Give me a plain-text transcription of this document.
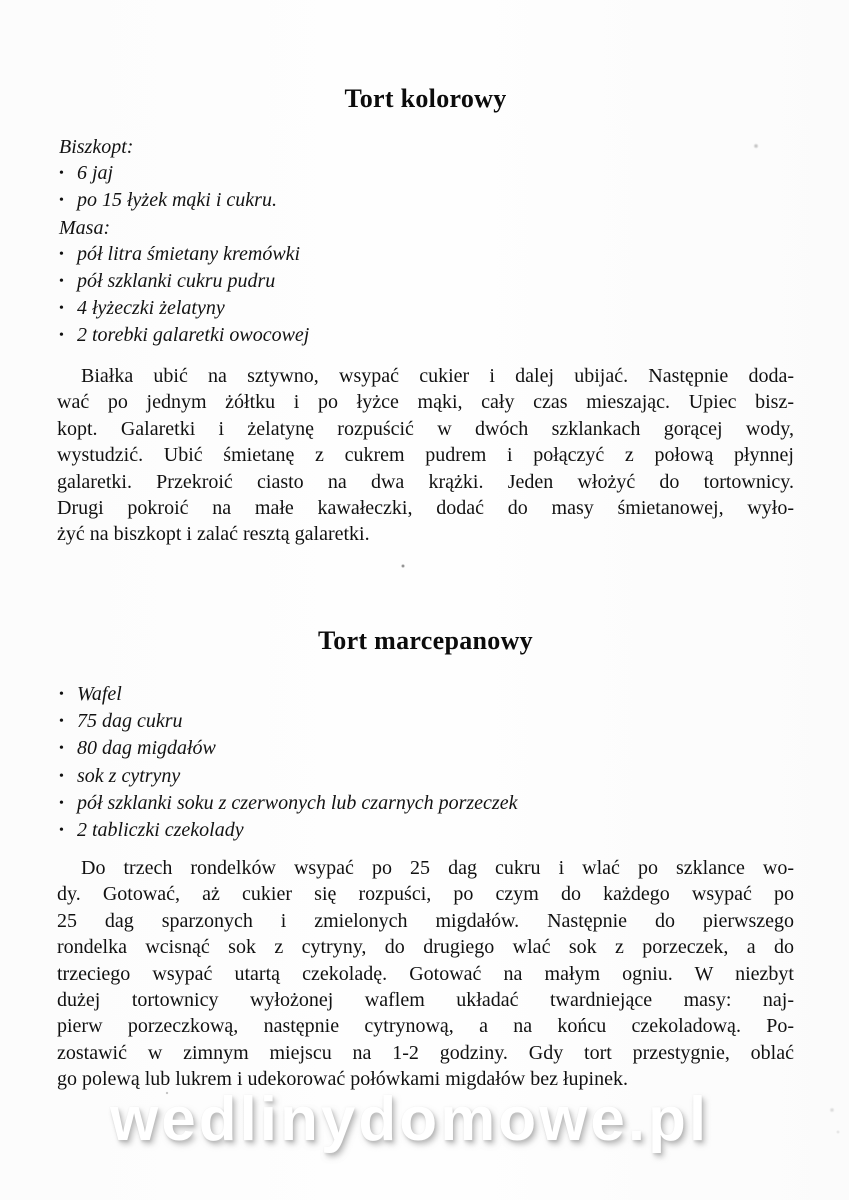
wedlinydomowe.pl
Tort kolorowy
Biszkopt:
• 6 jaj
• po 15 łyżek mąki i cukru.
Masa:
• pół litra śmietany kremówki
• pół szklanki cukru pudru
• 4 łyżeczki żelatyny
• 2 torebki galaretki owocowej
Białka ubić na sztywno, wsypać cukier i dalej ubijać. Następnie doda-
wać po jednym żółtku i po łyżce mąki, cały czas mieszając. Upiec bisz-
kopt. Galaretki i żelatynę rozpuścić w dwóch szklankach gorącej wody,
wystudzić. Ubić śmietanę z cukrem pudrem i połączyć z połową płynnej
galaretki. Przekroić ciasto na dwa krążki. Jeden włożyć do tortownicy.
Drugi pokroić na małe kawałeczki, dodać do masy śmietanowej, wyło-
żyć na biszkopt i zalać resztą galaretki.
Tort marcepanowy
• Wafel
• 75 dag cukru
• 80 dag migdałów
• sok z cytryny
• pół szklanki soku z czerwonych lub czarnych porzeczek
• 2 tabliczki czekolady
Do trzech rondelków wsypać po 25 dag cukru i wlać po szklance wo-
dy. Gotować, aż cukier się rozpuści, po czym do każdego wsypać po
25 dag sparzonych i zmielonych migdałów. Następnie do pierwszego
rondelka wcisnąć sok z cytryny, do drugiego wlać sok z porzeczek, a do
trzeciego wsypać utartą czekoladę. Gotować na małym ogniu. W niezbyt
dużej tortownicy wyłożonej waflem układać twardniejące masy: naj-
pierw porzeczkową, następnie cytrynową, a na końcu czekoladową. Po-
zostawić w zimnym miejscu na 1-2 godziny. Gdy tort przestygnie, oblać
go polewą lub lukrem i udekorować połówkami migdałów bez łupinek.
